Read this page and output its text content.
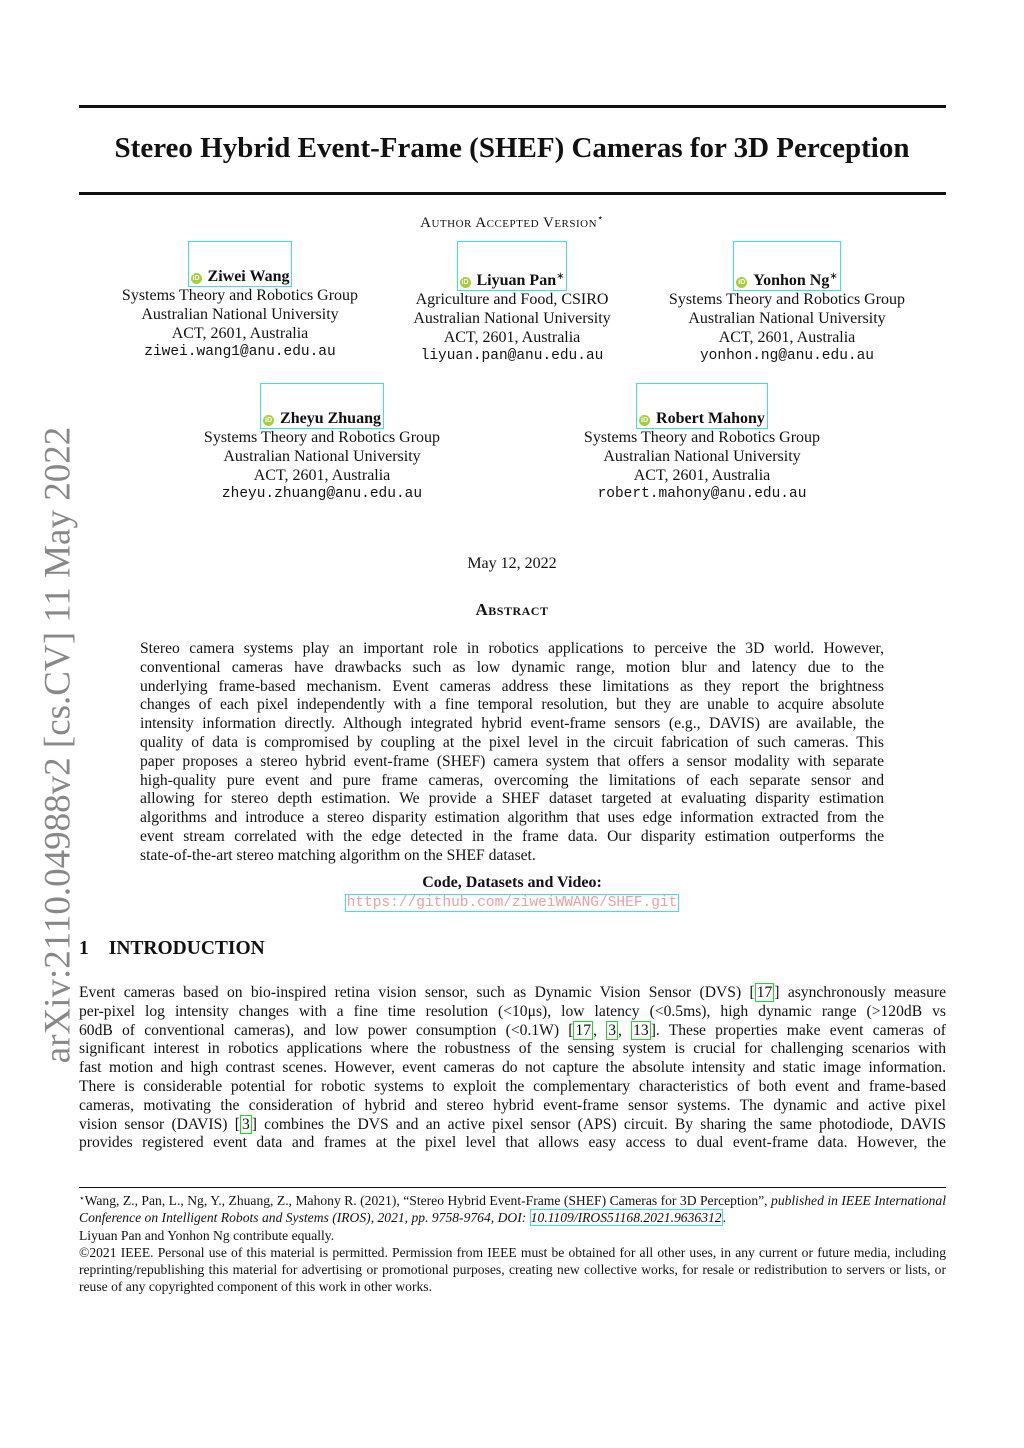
arXiv:2110.04988v2 [cs.CV] 11 May 2022
Stereo Hybrid Event-Frame (SHEF) Cameras for 3D Perception
Author Accepted Version⋆
iD Ziwei Wang
Systems Theory and Robotics Group
Australian National University
ACT, 2601, Australia
ziwei.wang1@anu.edu.au
iD Liyuan Pan∗
Agriculture and Food, CSIRO
Australian National University
ACT, 2601, Australia
liyuan.pan@anu.edu.au
iD Yonhon Ng∗
Systems Theory and Robotics Group
Australian National University
ACT, 2601, Australia
yonhon.ng@anu.edu.au
iD Zheyu Zhuang
Systems Theory and Robotics Group
Australian National University
ACT, 2601, Australia
zheyu.zhuang@anu.edu.au
iD Robert Mahony
Systems Theory and Robotics Group
Australian National University
ACT, 2601, Australia
robert.mahony@anu.edu.au
May 12, 2022
Abstract
Stereo camera systems play an important role in robotics applications to perceive the 3D world. However,
conventional cameras have drawbacks such as low dynamic range, motion blur and latency due to the
underlying frame-based mechanism. Event cameras address these limitations as they report the brightness
changes of each pixel independently with a fine temporal resolution, but they are unable to acquire absolute
intensity information directly. Although integrated hybrid event-frame sensors (e.g., DAVIS) are available, the
quality of data is compromised by coupling at the pixel level in the circuit fabrication of such cameras. This
paper proposes a stereo hybrid event-frame (SHEF) camera system that offers a sensor modality with separate
high-quality pure event and pure frame cameras, overcoming the limitations of each separate sensor and
allowing for stereo depth estimation. We provide a SHEF dataset targeted at evaluating disparity estimation
algorithms and introduce a stereo disparity estimation algorithm that uses edge information extracted from the
event stream correlated with the edge detected in the frame data. Our disparity estimation outperforms the
state-of-the-art stereo matching algorithm on the SHEF dataset.
Code, Datasets and Video:
https://github.com/ziweiWWANG/SHEF.git
1 INTRODUCTION
Event cameras based on bio-inspired retina vision sensor, such as Dynamic Vision Sensor (DVS) [ 17 ] asynchronously measure
per-pixel log intensity changes with a fine time resolution (<10μs), low latency (<0.5ms), high dynamic range (>120dB vs
60dB of conventional cameras), and low power consumption (<0.1W) [ 17 , 3 , 13 ]. These properties make event cameras of
significant interest in robotics applications where the robustness of the sensing system is crucial for challenging scenarios with
fast motion and high contrast scenes. However, event cameras do not capture the absolute intensity and static image information.
There is considerable potential for robotic systems to exploit the complementary characteristics of both event and frame-based
cameras, motivating the consideration of hybrid and stereo hybrid event-frame sensor systems. The dynamic and active pixel
vision sensor (DAVIS) [ 3 ] combines the DVS and an active pixel sensor (APS) circuit. By sharing the same photodiode, DAVIS
provides registered event data and frames at the pixel level that allows easy access to dual event-frame data. However, the
⋆Wang, Z., Pan, L., Ng, Y., Zhuang, Z., Mahony R. (2021), “Stereo Hybrid Event-Frame (SHEF) Cameras for 3D Perception”, published in IEEE International Conference on Intelligent Robots and Systems (IROS), 2021, pp. 9758-9764, DOI: 10.1109/IROS51168.2021.9636312.
Liyuan Pan and Yonhon Ng contribute equally.
©2021 IEEE. Personal use of this material is permitted. Permission from IEEE must be obtained for all other uses, in any current or future media, including reprinting/republishing this material for advertising or promotional purposes, creating new collective works, for resale or redistribution to servers or lists, or reuse of any copyrighted component of this work in other works.
